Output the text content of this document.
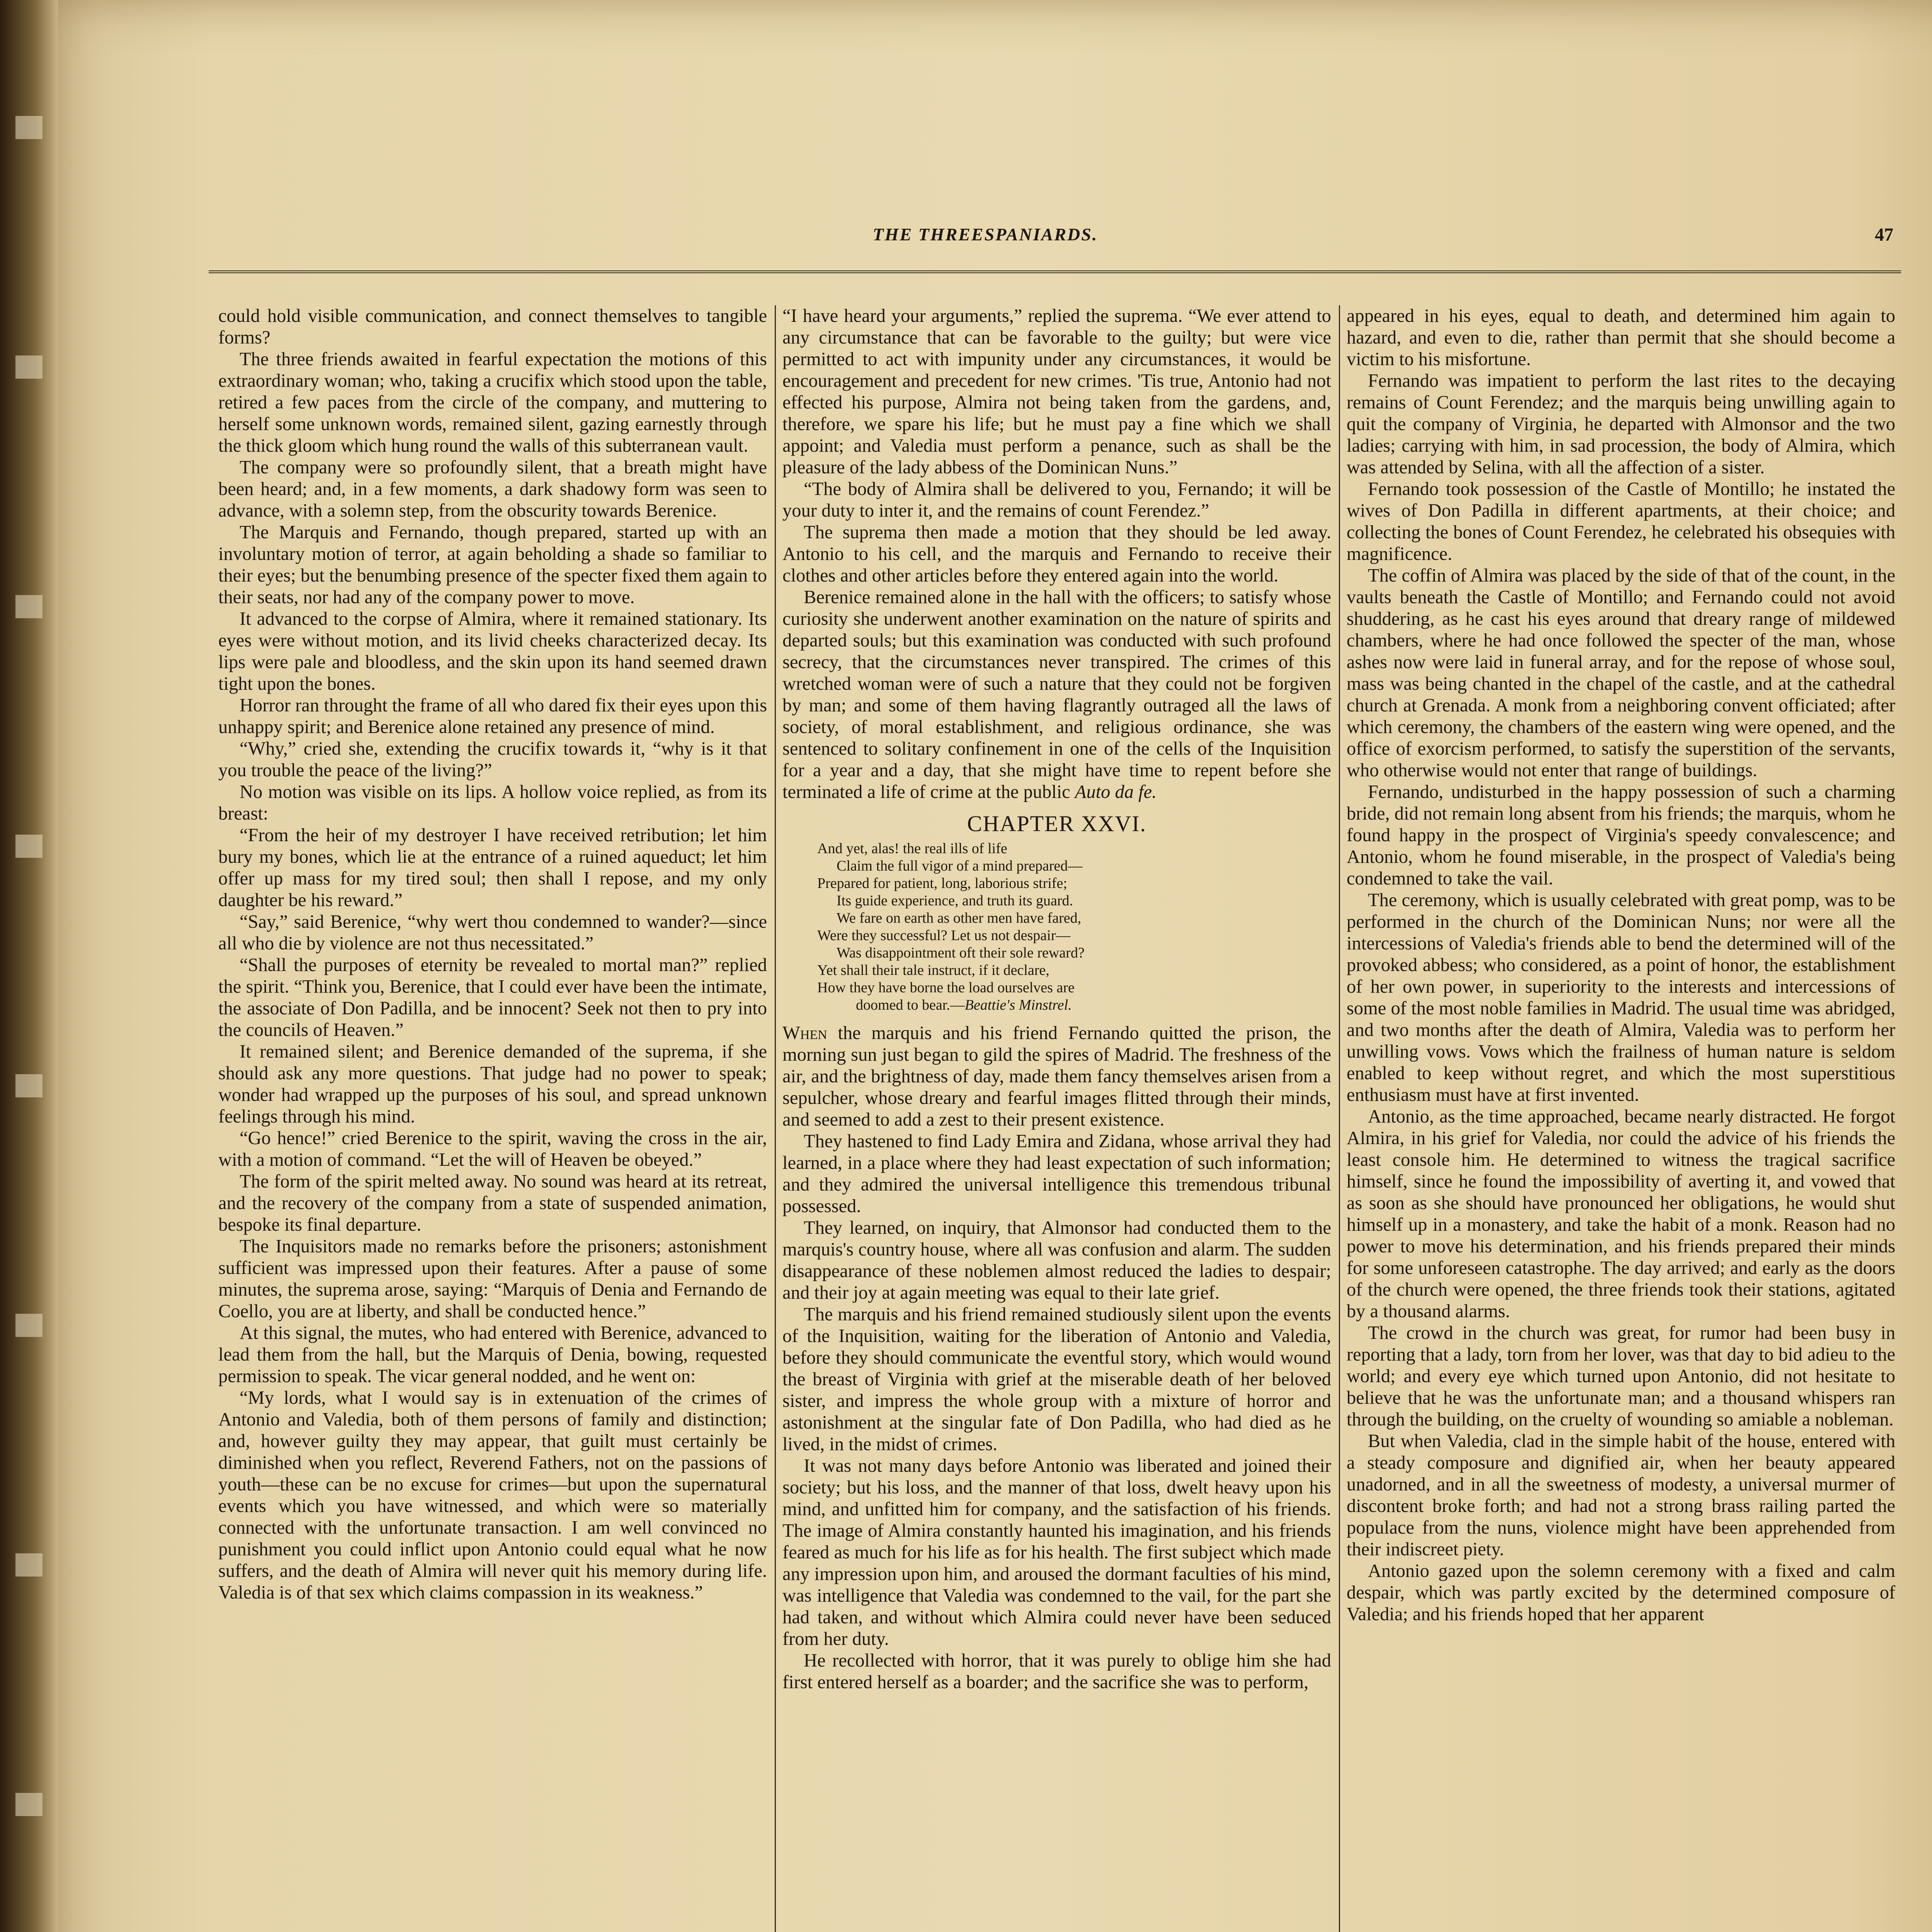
THE THREESPANIARDS.	47

could hold visible communication, and connect themselves to tangible forms?

The three friends awaited in fearful expectation the motions of this extraordinary woman; who, taking a crucifix which stood upon the table, retired a few paces from the circle of the company, and muttering to herself some unknown words, remained silent, gazing earnestly through the thick gloom which hung round the walls of this subterranean vault.

The company were so profoundly silent, that a breath might have been heard; and, in a few moments, a dark shadowy form was seen to advance, with a solemn step, from the obscurity towards Berenice.

The Marquis and Fernando, though prepared, started up with an involuntary motion of terror, at again beholding a shade so familiar to their eyes; but the benumbing presence of the specter fixed them again to their seats, nor had any of the company power to move.

It advanced to the corpse of Almira, where it remained stationary. Its eyes were without motion, and its livid cheeks characterized decay. Its lips were pale and bloodless, and the skin upon its hand seemed drawn tight upon the bones.

Horror ran throught the frame of all who dared fix their eyes upon this unhappy spirit; and Berenice alone retained any presence of mind.

“Why,” cried she, extending the crucifix towards it, “why is it that you trouble the peace of the living?”

No motion was visible on its lips. A hollow voice replied, as from its breast:

“From the heir of my destroyer I have received retribution; let him bury my bones, which lie at the entrance of a ruined aqueduct; let him offer up mass for my tired soul; then shall I repose, and my only daughter be his reward.”

“Say,” said Berenice, “why wert thou condemned to wander?—since all who die by violence are not thus necessitated.”

“Shall the purposes of eternity be revealed to mortal man?” replied the spirit. “Think you, Berenice, that I could ever have been the intimate, the associate of Don Padilla, and be innocent? Seek not then to pry into the councils of Heaven.”

It remained silent; and Berenice demanded of the suprema, if she should ask any more questions. That judge had no power to speak; wonder had wrapped up the purposes of his soul, and spread unknown feelings through his mind.

“Go hence!” cried Berenice to the spirit, waving the cross in the air, with a motion of command. “Let the will of Heaven be obeyed.”

The form of the spirit melted away. No sound was heard at its retreat, and the recovery of the company from a state of suspended animation, bespoke its final departure.

The Inquisitors made no remarks before the prisoners; astonishment sufficient was impressed upon their features. After a pause of some minutes, the suprema arose, saying: “Marquis of Denia and Fernando de Coello, you are at liberty, and shall be conducted hence.”

At this signal, the mutes, who had entered with Berenice, advanced to lead them from the hall, but the Marquis of Denia, bowing, requested permission to speak. The vicar general nodded, and he went on:

“My lords, what I would say is in extenuation of the crimes of Antonio and Valedia, both of them persons of family and distinction; and, however guilty they may appear, that guilt must certainly be diminished when you reflect, Reverend Fathers, not on the passions of youth—these can be no excuse for crimes—but upon the supernatural events which you have witnessed, and which were so materially connected with the unfortunate transaction. I am well convinced no punishment you could inflict upon Antonio could equal what he now suffers, and the death of Almira will never quit his memory during life. Valedia is of that sex which claims compassion in its weakness.”

“I have heard your arguments,” replied the suprema. “We ever attend to any circumstance that can be favorable to the guilty; but were vice permitted to act with impunity under any circumstances, it would be encouragement and precedent for new crimes. 'Tis true, Antonio had not effected his purpose, Almira not being taken from the gardens, and, therefore, we spare his life; but he must pay a fine which we shall appoint; and Valedia must perform a penance, such as shall be the pleasure of the lady abbess of the Dominican Nuns.”

“The body of Almira shall be delivered to you, Fernando; it will be your duty to inter it, and the remains of count Ferendez.”

The suprema then made a motion that they should be led away. Antonio to his cell, and the marquis and Fernando to receive their clothes and other articles before they entered again into the world.

Berenice remained alone in the hall with the officers; to satisfy whose curiosity she underwent another examination on the nature of spirits and departed souls; but this examination was conducted with such profound secrecy, that the circumstances never transpired. The crimes of this wretched woman were of such a nature that they could not be forgiven by man; and some of them having flagrantly outraged all the laws of society, of moral establishment, and religious ordinance, she was sentenced to solitary confinement in one of the cells of the Inquisition for a year and a day, that she might have time to repent before she terminated a life of crime at the public Auto da fe.

CHAPTER XXVI.
And yet, alas! the real ills of life
Claim the full vigor of a mind prepared—
Prepared for patient, long, laborious strife;
Its guide experience, and truth its guard.
We fare on earth as other men have fared,
Were they successful? Let us not despair—
Was disappointment oft their sole reward?
Yet shall their tale instruct, if it declare,
How they have borne the load ourselves are
doomed to bear.—Beattie's Minstrel.

When the marquis and his friend Fernando quitted the prison, the morning sun just began to gild the spires of Madrid. The freshness of the air, and the brightness of day, made them fancy themselves arisen from a sepulcher, whose dreary and fearful images flitted through their minds, and seemed to add a zest to their present existence.

They hastened to find Lady Emira and Zidana, whose arrival they had learned, in a place where they had least expectation of such information; and they admired the universal intelligence this tremendous tribunal possessed.

They learned, on inquiry, that Almonsor had conducted them to the marquis's country house, where all was confusion and alarm. The sudden disappearance of these noblemen almost reduced the ladies to despair; and their joy at again meeting was equal to their late grief.

The marquis and his friend remained studiously silent upon the events of the Inquisition, waiting for the liberation of Antonio and Valedia, before they should communicate the eventful story, which would wound the breast of Virginia with grief at the miserable death of her beloved sister, and impress the whole group with a mixture of horror and astonishment at the singular fate of Don Padilla, who had died as he lived, in the midst of crimes.

It was not many days before Antonio was liberated and joined their society; but his loss, and the manner of that loss, dwelt heavy upon his mind, and unfitted him for company, and the satisfaction of his friends. The image of Almira constantly haunted his imagination, and his friends feared as much for his life as for his health. The first subject which made any impression upon him, and aroused the dormant faculties of his mind, was intelligence that Valedia was condemned to the vail, for the part she had taken, and without which Almira could never have been seduced from her duty.

He recollected with horror, that it was purely to oblige him she had first entered herself as a boarder; and the sacrifice she was to perform,

appeared in his eyes, equal to death, and determined him again to hazard, and even to die, rather than permit that she should become a victim to his misfortune.

Fernando was impatient to perform the last rites to the decaying remains of Count Ferendez; and the marquis being unwilling again to quit the company of Virginia, he departed with Almonsor and the two ladies; carrying with him, in sad procession, the body of Almira, which was attended by Selina, with all the affection of a sister.

Fernando took possession of the Castle of Montillo; he instated the wives of Don Padilla in different apartments, at their choice; and collecting the bones of Count Ferendez, he celebrated his obsequies with magnificence.

The coffin of Almira was placed by the side of that of the count, in the vaults beneath the Castle of Montillo; and Fernando could not avoid shuddering, as he cast his eyes around that dreary range of mildewed chambers, where he had once followed the specter of the man, whose ashes now were laid in funeral array, and for the repose of whose soul, mass was being chanted in the chapel of the castle, and at the cathedral church at Grenada. A monk from a neighboring convent officiated; after which ceremony, the chambers of the eastern wing were opened, and the office of exorcism performed, to satisfy the superstition of the servants, who otherwise would not enter that range of buildings.

Fernando, undisturbed in the happy possession of such a charming bride, did not remain long absent from his friends; the marquis, whom he found happy in the prospect of Virginia's speedy convalescence; and Antonio, whom he found miserable, in the prospect of Valedia's being condemned to take the vail.

The ceremony, which is usually celebrated with great pomp, was to be performed in the church of the Dominican Nuns; nor were all the intercessions of Valedia's friends able to bend the determined will of the provoked abbess; who considered, as a point of honor, the establishment of her own power, in superiority to the interests and intercessions of some of the most noble families in Madrid. The usual time was abridged, and two months after the death of Almira, Valedia was to perform her unwilling vows. Vows which the frailness of human nature is seldom enabled to keep without regret, and which the most superstitious enthusiasm must have at first invented.

Antonio, as the time approached, became nearly distracted. He forgot Almira, in his grief for Valedia, nor could the advice of his friends the least console him. He determined to witness the tragical sacrifice himself, since he found the impossibility of averting it, and vowed that as soon as she should have pronounced her obligations, he would shut himself up in a monastery, and take the habit of a monk. Reason had no power to move his determination, and his friends prepared their minds for some unforeseen catastrophe. The day arrived; and early as the doors of the church were opened, the three friends took their stations, agitated by a thousand alarms.

The crowd in the church was great, for rumor had been busy in reporting that a lady, torn from her lover, was that day to bid adieu to the world; and every eye which turned upon Antonio, did not hesitate to believe that he was the unfortunate man; and a thousand whispers ran through the building, on the cruelty of wounding so amiable a nobleman.

But when Valedia, clad in the simple habit of the house, entered with a steady composure and dignified air, when her beauty appeared unadorned, and in all the sweetness of modesty, a universal murmer of discontent broke forth; and had not a strong brass railing parted the populace from the nuns, violence might have been apprehended from their indiscreet piety.

Antonio gazed upon the solemn ceremony with a fixed and calm despair, which was partly excited by the determined composure of Valedia; and his friends hoped that her apparent
